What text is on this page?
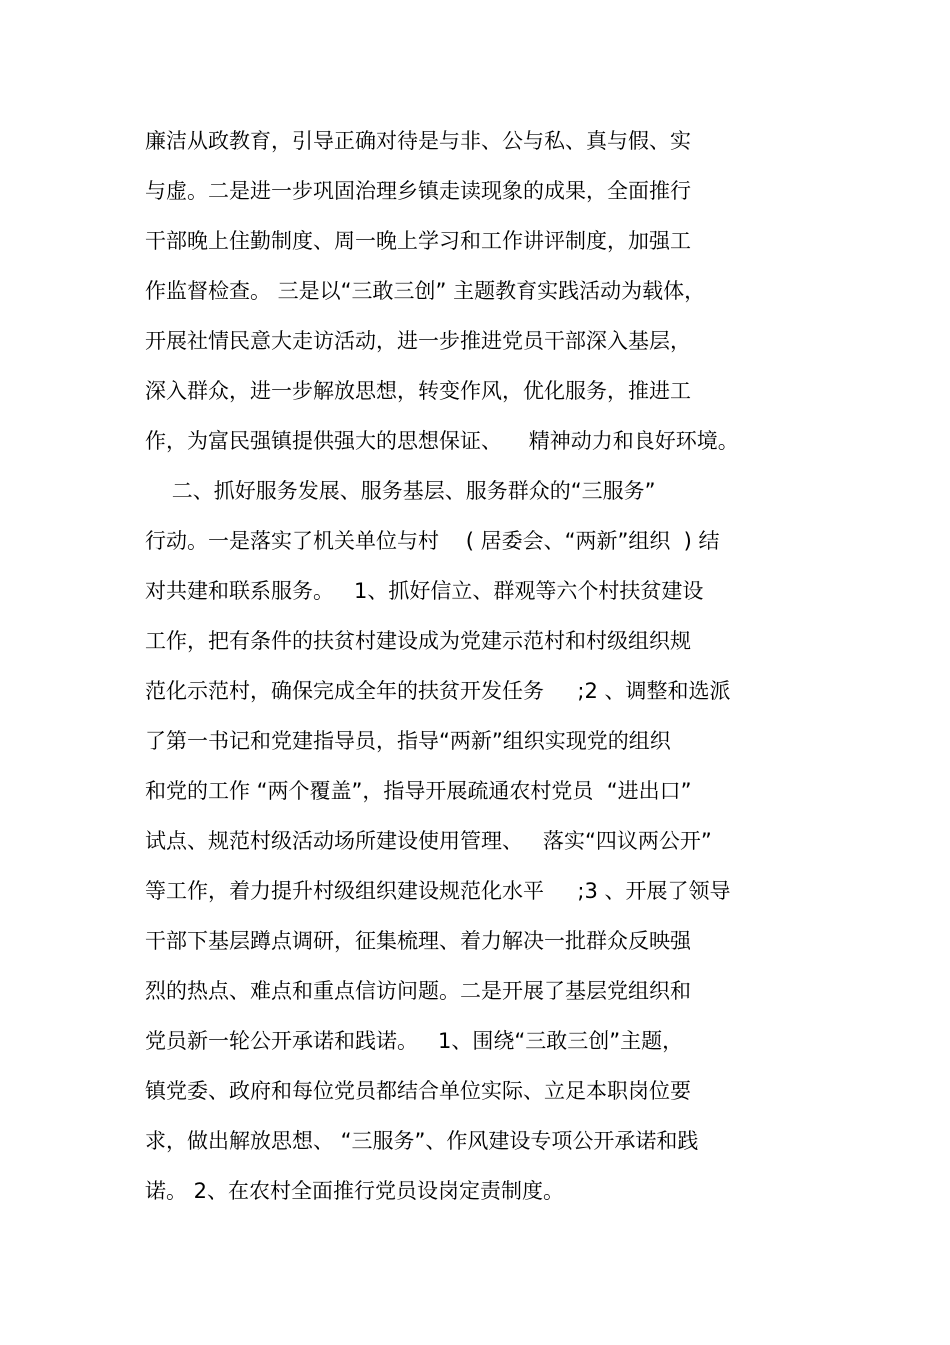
廉洁从政教育，引导正确对待是与非、公与私、真与假、实

与虚。二是进一步巩固治理乡镇走读现象的成果，全面推行

干部晚上住勤制度、周一晚上学习和工作讲评制度，加强工

作监督检查。 三是以“三敢三创” 主题教育实践活动为载体，

开展社情民意大走访活动，进一步推进党员干部深入基层，

深入群众，进一步解放思想，转变作风，优化服务，推进工

作，为富民强镇提供强大的思想保证、    精神动力和良好环境。

二、抓好服务发展、服务基层、服务群众的“三服务”

行动。一是落实了机关单位与村    ( 居委会、“两新”组织  ) 结

对共建和联系服务。   1、抓好信立、群观等六个村扶贫建设

工作，把有条件的扶贫村建设成为党建示范村和村级组织规

范化示范村，确保完成全年的扶贫开发任务     ;2 、调整和选派

了第一书记和党建指导员，指导“两新”组织实现党的组织

和党的工作 “两个覆盖”，指导开展疏通农村党员  “进出口”

试点、规范村级活动场所建设使用管理、   落实“四议两公开”

等工作，着力提升村级组织建设规范化水平     ;3 、开展了领导

干部下基层蹲点调研，征集梳理、着力解决一批群众反映强

烈的热点、难点和重点信访问题。二是开展了基层党组织和

党员新一轮公开承诺和践诺。   1、围绕“三敢三创”主题，

镇党委、政府和每位党员都结合单位实际、立足本职岗位要

求，做出解放思想、 “三服务”、作风建设专项公开承诺和践

诺。 2、在农村全面推行党员设岗定责制度。
